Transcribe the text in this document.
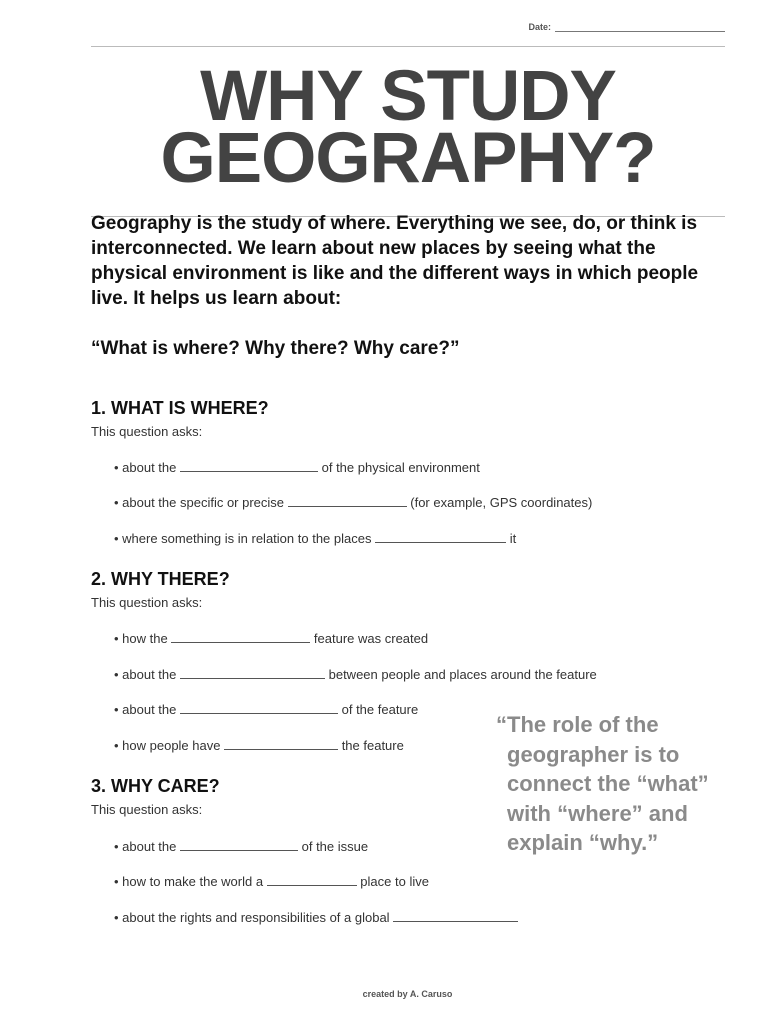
Date:
WHY STUDY
GEOGRAPHY?

Geography is the study of where. Everything we see, do, or think is interconnected. We learn about new places by seeing what the physical environment is like and the different ways in which people live. It helps us learn about:

“What is where? Why there? Why care?”

1. WHAT IS WHERE?

This question asks:

• about the	of the physical environment

• about the specific or precise	(for example, GPS coordinates)

• where something is in relation to the places	it

2. WHY THERE?

This question asks:

• how the	feature was created

• about the	between people and places around the feature

• about the	of the feature

• how people have	the feature

3. WHY CARE?

This question asks:

• about the	of the issue

• how to make the world a	place to live

• about the rights and responsibilities of a global

“The role of the
geographer is to
connect the “what”
with “where” and
explain “why.”
created by A. Caruso
